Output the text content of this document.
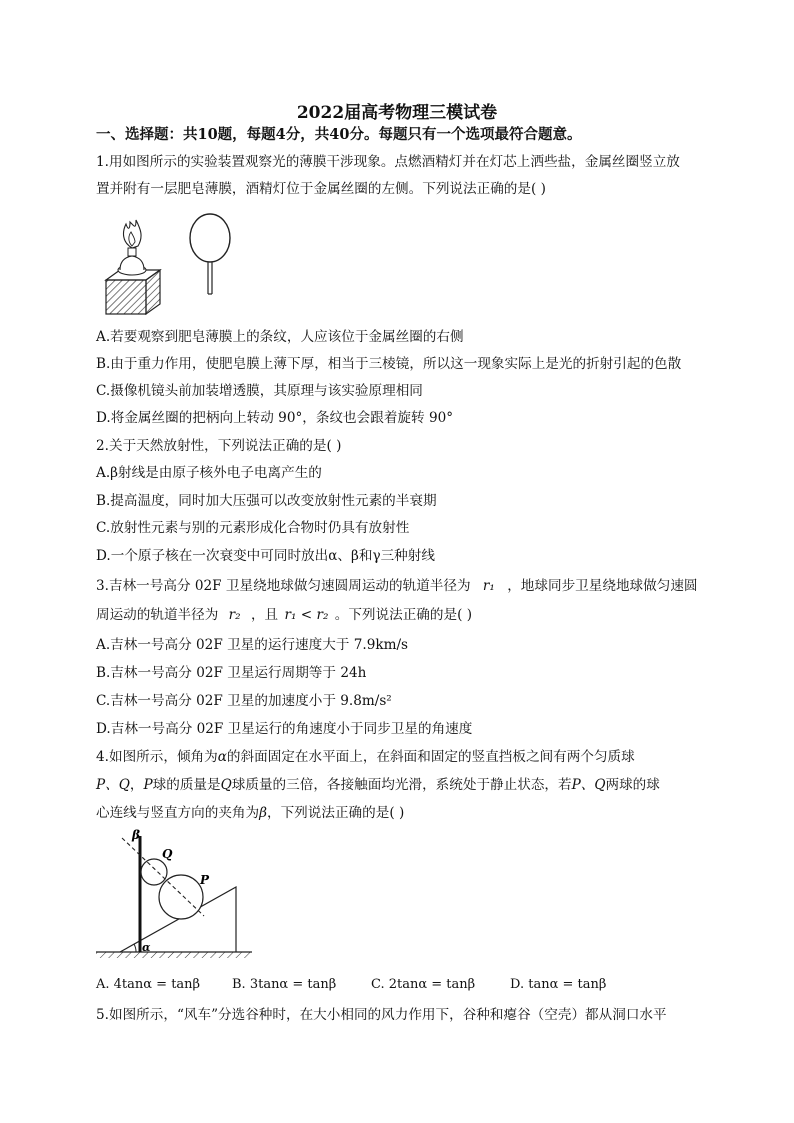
2022届高考物理三模试卷
一、选择题：共10题，每题4分，共40分。每题只有一个选项最符合题意。
1.用如图所示的实验装置观察光的薄膜干涉现象。点燃酒精灯并在灯芯上洒些盐，金属丝圈竖立放
置并附有一层肥皂薄膜，酒精灯位于金属丝圈的左侧。下列说法正确的是( )
A.若要观察到肥皂薄膜上的条纹，人应该位于金属丝圈的右侧
B.由于重力作用，使肥皂膜上薄下厚，相当于三棱镜，所以这一现象实际上是光的折射引起的色散
C.摄像机镜头前加装增透膜，其原理与该实验原理相同
D.将金属丝圈的把柄向上转动 90°，条纹也会跟着旋转 90°
2.关于天然放射性，下列说法正确的是( )
A.β射线是由原子核外电子电离产生的
B.提高温度，同时加大压强可以改变放射性元素的半衰期
C.放射性元素与别的元素形成化合物时仍具有放射性
D.一个原子核在一次衰变中可同时放出α、β和γ三种射线
3.吉林一号高分 02F 卫星绕地球做匀速圆周运动的轨道半径为 r₁ ，地球同步卫星绕地球做匀速圆
周运动的轨道半径为 r₂ ，且 r₁ < r₂ 。下列说法正确的是( )
A.吉林一号高分 02F 卫星的运行速度大于 7.9km/s
B.吉林一号高分 02F 卫星运行周期等于 24h
C.吉林一号高分 02F 卫星的加速度小于 9.8m/s²
D.吉林一号高分 02F 卫星运行的角速度小于同步卫星的角速度
4.如图所示，倾角为α的斜面固定在水平面上，在斜面和固定的竖直挡板之间有两个匀质球
P、Q，P球的质量是Q球质量的三倍，各接触面均光滑，系统处于静止状态，若P、Q两球的球
心连线与竖直方向的夹角为β，下列说法正确的是( )
β
Q
P
α
A. 4tanα = tanβ B. 3tanα = tanβ	C. 2tanα = tanβ	D. tanα = tanβ
5.如图所示，“风车”分选谷种时，在大小相同的风力作用下，谷种和瘪谷（空壳）都从洞口水平
